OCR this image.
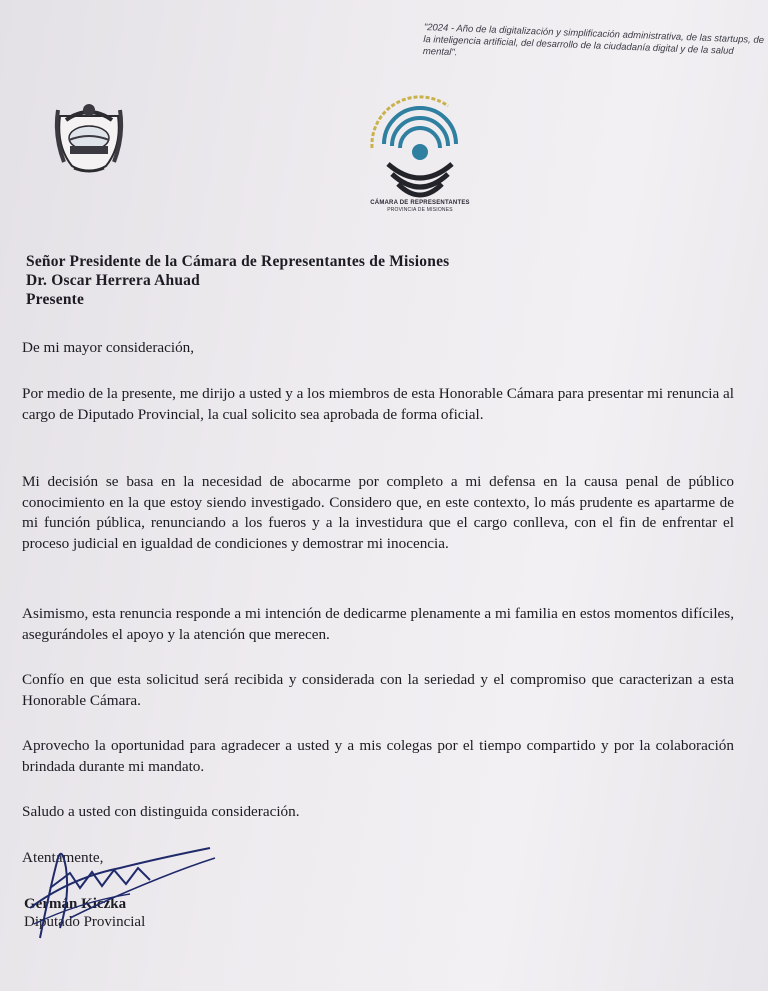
"2024 - Año de la digitalización y simplificación administrativa, de las startups, de la inteligencia artificial, del desarrollo de la ciudadanía digital y de la salud mental".
CÁMARA DE REPRESENTANTES
PROVINCIA DE MISIONES
Señor Presidente de la Cámara de Representantes de Misiones
Dr. Oscar Herrera Ahuad
Presente
De mi mayor consideración,
Por medio de la presente, me dirijo a usted y a los miembros de esta Honorable Cámara para presentar mi renuncia al cargo de Diputado Provincial, la cual solicito sea aprobada de forma oficial.
Mi decisión se basa en la necesidad de abocarme por completo a mi defensa en la causa penal de público conocimiento en la que estoy siendo investigado. Considero que, en este contexto, lo más prudente es apartarme de mi función pública, renunciando a los fueros y a la investidura que el cargo conlleva, con el fin de enfrentar el proceso judicial en igualdad de condiciones y demostrar mi inocencia.
Asimismo, esta renuncia responde a mi intención de dedicarme plenamente a mi familia en estos momentos difíciles, asegurándoles el apoyo y la atención que merecen.
Confío en que esta solicitud será recibida y considerada con la seriedad y el compromiso que caracterizan a esta Honorable Cámara.
Aprovecho la oportunidad para agradecer a usted y a mis colegas por el tiempo compartido y por la colaboración brindada durante mi mandato.
Saludo a usted con distinguida consideración.
Atentamente,
Germán Kiczka
Diputado Provincial
